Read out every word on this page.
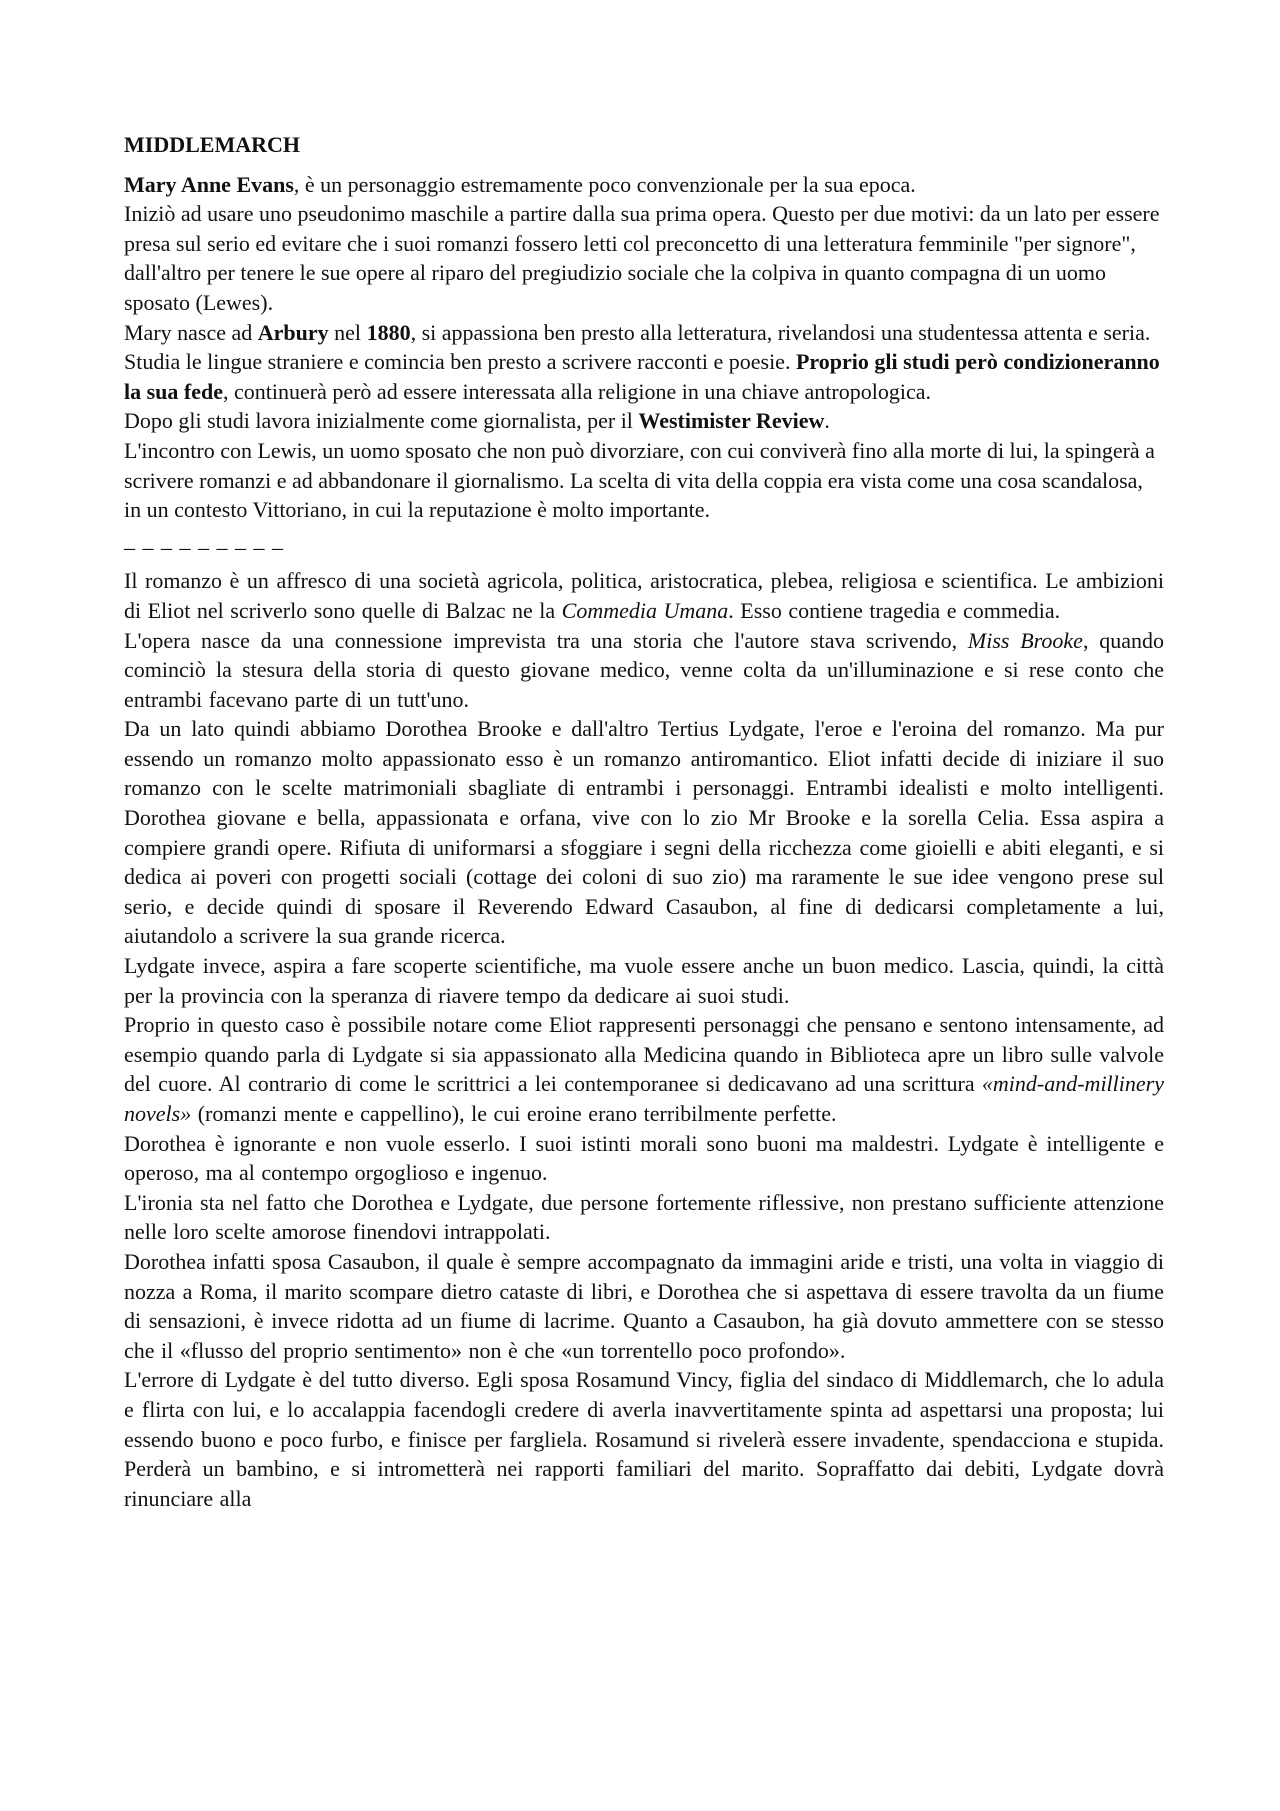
MIDDLEMARCH

Mary Anne Evans, è un personaggio estremamente poco convenzionale per la sua epoca.

Iniziò ad usare uno pseudonimo maschile a partire dalla sua prima opera. Questo per due motivi: da un lato per essere presa sul serio ed evitare che i suoi romanzi fossero letti col preconcetto di una letteratura femminile "per signore", dall'altro per tenere le sue opere al riparo del pregiudizio sociale che la colpiva in quanto compagna di un uomo sposato (Lewes).

Mary nasce ad Arbury nel 1880, si appassiona ben presto alla letteratura, rivelandosi una studentessa attenta e seria. Studia le lingue straniere e comincia ben presto a scrivere racconti e poesie. Proprio gli studi però condizioneranno la sua fede, continuerà però ad essere interessata alla religione in una chiave antropologica.

Dopo gli studi lavora inizialmente come giornalista, per il Westimister Review.

L'incontro con Lewis, un uomo sposato che non può divorziare, con cui conviverà fino alla morte di lui, la spingerà a scrivere romanzi e ad abbandonare il giornalismo. La scelta di vita della coppia era vista come una cosa scandalosa, in un contesto Vittoriano, in cui la reputazione è molto importante.

_ _ _ _ _ _ _ _ _

Il romanzo è un affresco di una società agricola, politica, aristocratica, plebea, religiosa e scientifica. Le ambizioni di Eliot nel scriverlo sono quelle di Balzac ne la Commedia Umana. Esso contiene tragedia e commedia.

L'opera nasce da una connessione imprevista tra una storia che l'autore stava scrivendo, Miss Brooke, quando cominciò la stesura della storia di questo giovane medico, venne colta da un'illuminazione e si rese conto che entrambi facevano parte di un tutt'uno.

Da un lato quindi abbiamo Dorothea Brooke e dall'altro Tertius Lydgate, l'eroe e l'eroina del romanzo. Ma pur essendo un romanzo molto appassionato esso è un romanzo antiromantico. Eliot infatti decide di iniziare il suo romanzo con le scelte matrimoniali sbagliate di entrambi i personaggi. Entrambi idealisti e molto intelligenti. Dorothea giovane e bella, appassionata e orfana, vive con lo zio Mr Brooke e la sorella Celia. Essa aspira a compiere grandi opere. Rifiuta di uniformarsi a sfoggiare i segni della ricchezza come gioielli e abiti eleganti, e si dedica ai poveri con progetti sociali (cottage dei coloni di suo zio) ma raramente le sue idee vengono prese sul serio, e decide quindi di sposare il Reverendo Edward Casaubon, al fine di dedicarsi completamente a lui, aiutandolo a scrivere la sua grande ricerca.

Lydgate invece, aspira a fare scoperte scientifiche, ma vuole essere anche un buon medico. Lascia, quindi, la città per la provincia con la speranza di riavere tempo da dedicare ai suoi studi.

Proprio in questo caso è possibile notare come Eliot rappresenti personaggi che pensano e sentono intensamente, ad esempio quando parla di Lydgate si sia appassionato alla Medicina quando in Biblioteca apre un libro sulle valvole del cuore. Al contrario di come le scrittrici a lei contemporanee si dedicavano ad una scrittura «mind-and-millinery novels» (romanzi mente e cappellino), le cui eroine erano terribilmente perfette.

Dorothea è ignorante e non vuole esserlo. I suoi istinti morali sono buoni ma maldestri. Lydgate è intelligente e operoso, ma al contempo orgoglioso e ingenuo.

L'ironia sta nel fatto che Dorothea e Lydgate, due persone fortemente riflessive, non prestano sufficiente attenzione nelle loro scelte amorose finendovi intrappolati.

Dorothea infatti sposa Casaubon, il quale è sempre accompagnato da immagini aride e tristi, una volta in viaggio di nozza a Roma, il marito scompare dietro cataste di libri, e Dorothea che si aspettava di essere travolta da un fiume di sensazioni, è invece ridotta ad un fiume di lacrime. Quanto a Casaubon, ha già dovuto ammettere con se stesso che il «flusso del proprio sentimento» non è che «un torrentello poco profondo».

L'errore di Lydgate è del tutto diverso. Egli sposa Rosamund Vincy, figlia del sindaco di Middlemarch, che lo adula e flirta con lui, e lo accalappia facendogli credere di averla inavvertitamente spinta ad aspettarsi una proposta; lui essendo buono e poco furbo, e finisce per fargliela. Rosamund si rivelerà essere invadente, spendacciona e stupida. Perderà un bambino, e si intrometterà nei rapporti familiari del marito. Sopraffatto dai debiti, Lydgate dovrà rinunciare alla
